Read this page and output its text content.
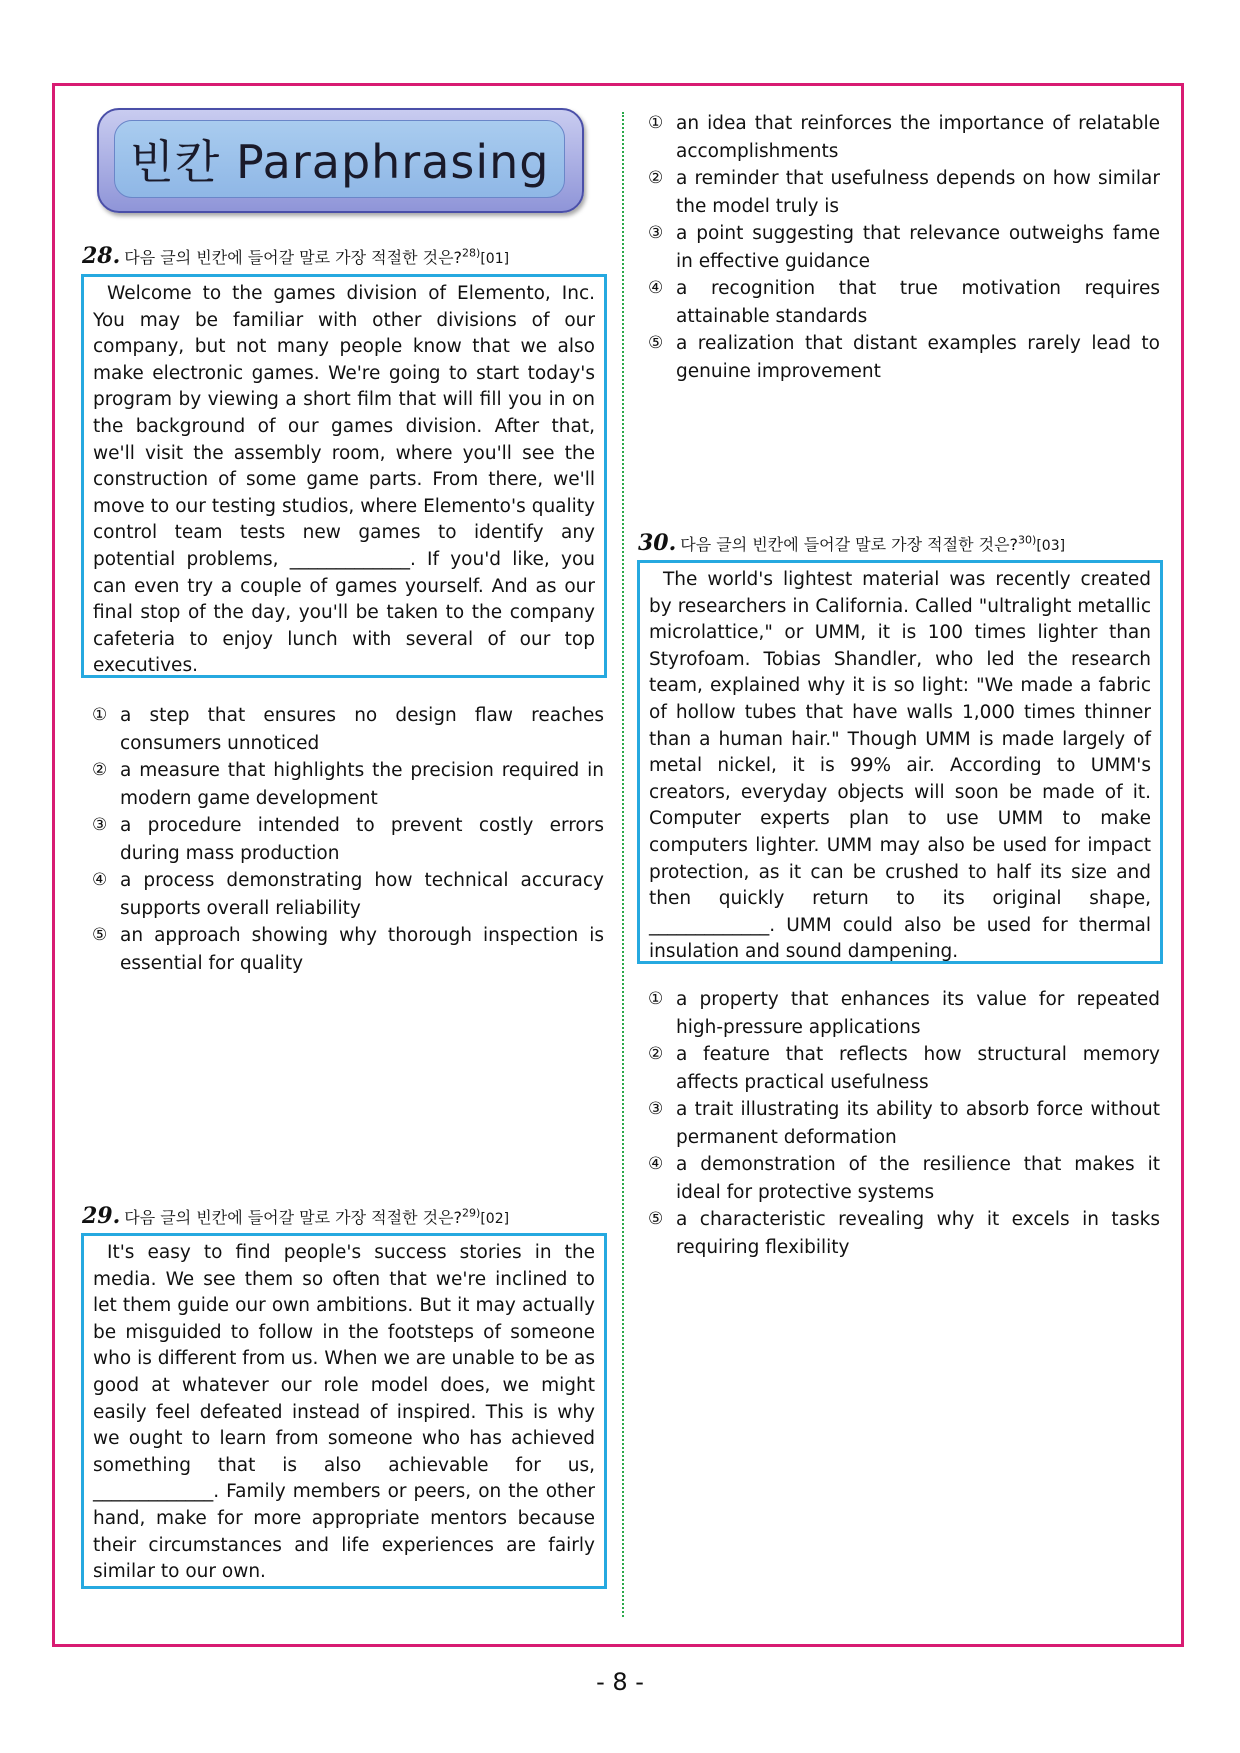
빈칸 Paraphrasing
28. 다음 글의 빈칸에 들어갈 말로 가장 적절한 것은?$^{28)}$[01]

Welcome to the games division of Elemento, Inc. You may be familiar with other divisions of our company, but not many people know that we also make electronic games. We're going to start today's program by viewing a short film that will fill you in on the background of our games division. After that, we'll visit the assembly room, where you'll see the construction of some game parts. From there, we'll move to our testing studios, where Elemento's quality control team tests new games to identify any potential problems, _____________. If you'd like, you can even try a couple of games yourself. And as our final stop of the day, you'll be taken to the company cafeteria to enjoy lunch with several of our top executives.

① a step that ensures no design flaw reaches consumers unnoticed
② a measure that highlights the precision required in modern game development
③ a procedure intended to prevent costly errors during mass production
④ a process demonstrating how technical accuracy supports overall reliability
⑤ an approach showing why thorough inspection is essential for quality
29. 다음 글의 빈칸에 들어갈 말로 가장 적절한 것은?$^{29)}$[02]

It's easy to find people's success stories in the media. We see them so often that we're inclined to let them guide our own ambitions. But it may actually be misguided to follow in the footsteps of someone who is different from us. When we are unable to be as good at whatever our role model does, we might easily feel defeated instead of inspired. This is why we ought to learn from someone who has achieved something that is also achievable for us, _____________. Family members or peers, on the other hand, make for more appropriate mentors because their circumstances and life experiences are fairly similar to our own.

① an idea that reinforces the importance of relatable accomplishments
② a reminder that usefulness depends on how similar the model truly is
③ a point suggesting that relevance outweighs fame in effective guidance
④ a recognition that true motivation requires attainable standards
⑤ a realization that distant examples rarely lead to genuine improvement
30. 다음 글의 빈칸에 들어갈 말로 가장 적절한 것은?$^{30)}$[03]

The world's lightest material was recently created by researchers in California. Called "ultralight metallic microlattice," or UMM, it is 100 times lighter than Styrofoam. Tobias Shandler, who led the research team, explained why it is so light: "We made a fabric of hollow tubes that have walls 1,000 times thinner than a human hair." Though UMM is made largely of metal nickel, it is 99% air. According to UMM's creators, everyday objects will soon be made of it. Computer experts plan to use UMM to make computers lighter. UMM may also be used for impact protection, as it can be crushed to half its size and then quickly return to its original shape, _____________. UMM could also be used for thermal insulation and sound dampening.

① a property that enhances its value for repeated high-pressure applications
② a feature that reflects how structural memory affects practical usefulness
③ a trait illustrating its ability to absorb force without permanent deformation
④ a demonstration of the resilience that makes it ideal for protective systems
⑤ a characteristic revealing why it excels in tasks requiring flexibility
- 8 -
